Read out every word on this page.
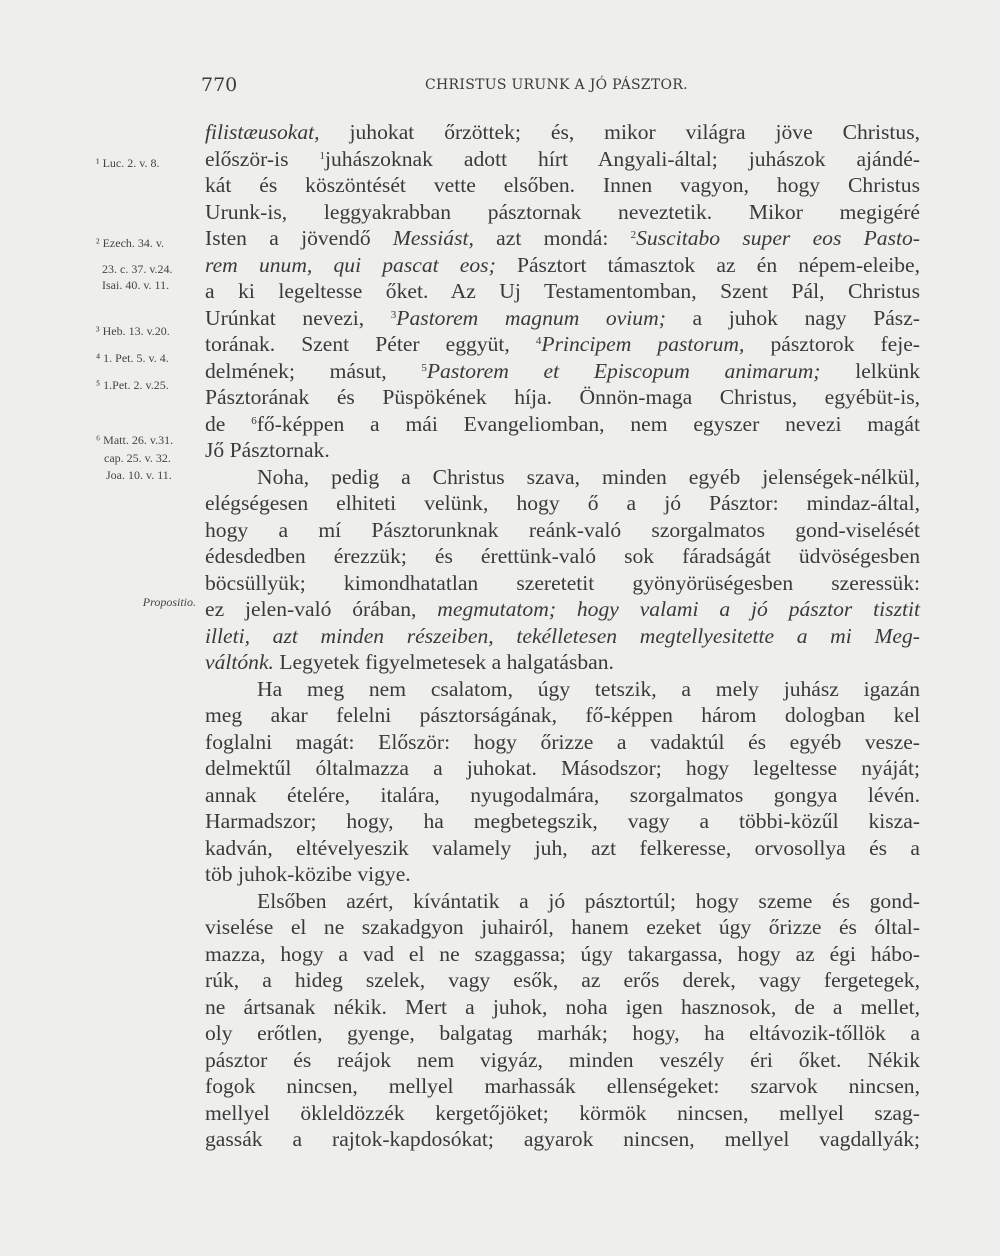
770	CHRISTUS URUNK A JÓ PÁSZTOR.
¹ Luc. 2. v. 8.
² Ezech. 34. v.
23. c. 37. v.24.
Isai. 40. v. 11.
³ Heb. 13. v.20.
⁴ 1. Pet. 5. v. 4.
⁵ 1.Pet. 2. v.25.
⁶ Matt. 26. v.31.
cap. 25. v. 32.
Joa. 10. v. 11.
Propositio.
filistæusokat, juhokat őrzöttek; és, mikor világra jöve Christus,
először-is $^1$juhászoknak adott hírt Angyali-által; juhászok ajándé-
kát és köszöntését vette elsőben. Innen vagyon, hogy Christus
Urunk-is, leggyakrabban pásztornak neveztetik. Mikor megigéré
Isten a jövendő Messiást, azt mondá: $^2$Suscitabo super eos Pasto-
rem unum, qui pascat eos; Pásztort támasztok az én népem-eleibe,
a ki legeltesse őket. Az Uj Testamentomban, Szent Pál, Christus
Urúnkat nevezi, $^3$Pastorem magnum ovium; a juhok nagy Pász-
torának. Szent Péter eggyüt, $^4$Principem pastorum, pásztorok feje-
delmének; másut, $^5$Pastorem et Episcopum animarum; lelkünk
Pásztorának és Püspökének híja. Önnön-maga Christus, egyébüt-is,
de $^6$fő-képpen a mái Evangeliomban, nem egyszer nevezi magát
Jő Pásztornak.
Noha, pedig a Christus szava, minden egyéb jelenségek-nélkül,
elégségesen elhiteti velünk, hogy ő a jó Pásztor: mindaz-által,
hogy a mí Pásztorunknak reánk-való szorgalmatos gond-viselését
édesdedben érezzük; és érettünk-való sok fáradságát üdvöségesben
böcsüllyük; kimondhatatlan szeretetit gyönyörüségesben szeressük:
ez jelen-való órában, megmutatom; hogy valami a jó pásztor tisztit
illeti, azt minden részeiben, tekélletesen megtellyesitette a mi Meg-
váltónk. Legyetek figyelmetesek a halgatásban.
Ha meg nem csalatom, úgy tetszik, a mely juhász igazán
meg akar felelni pásztorságának, fő-képpen három dologban kel
foglalni magát: Először: hogy őrizze a vadaktúl és egyéb vesze-
delmektűl óltalmazza a juhokat. Másodszor; hogy legeltesse nyáját;
annak ételére, italára, nyugodalmára, szorgalmatos gongya lévén.
Harmadszor; hogy, ha megbetegszik, vagy a többi-közűl kisza-
kadván, eltévelyeszik valamely juh, azt felkeresse, orvosollya és a
töb juhok-közibe vigye.
Elsőben azért, kívántatik a jó pásztortúl; hogy szeme és gond-
viselése el ne szakadgyon juhairól, hanem ezeket úgy őrizze és óltal-
mazza, hogy a vad el ne szaggassa; úgy takargassa, hogy az égi hábo-
rúk, a hideg szelek, vagy esők, az erős derek, vagy fergetegek,
ne ártsanak nékik. Mert a juhok, noha igen hasznosok, de a mellet,
oly erőtlen, gyenge, balgatag marhák; hogy, ha eltávozik-tőllök a
pásztor és reájok nem vigyáz, minden veszély éri őket. Nékik
fogok nincsen, mellyel marhassák ellenségeket: szarvok nincsen,
mellyel ökleldözzék kergetőjöket; körmök nincsen, mellyel szag-
gassák a rajtok-kapdosókat; agyarok nincsen, mellyel vagdallyák;
